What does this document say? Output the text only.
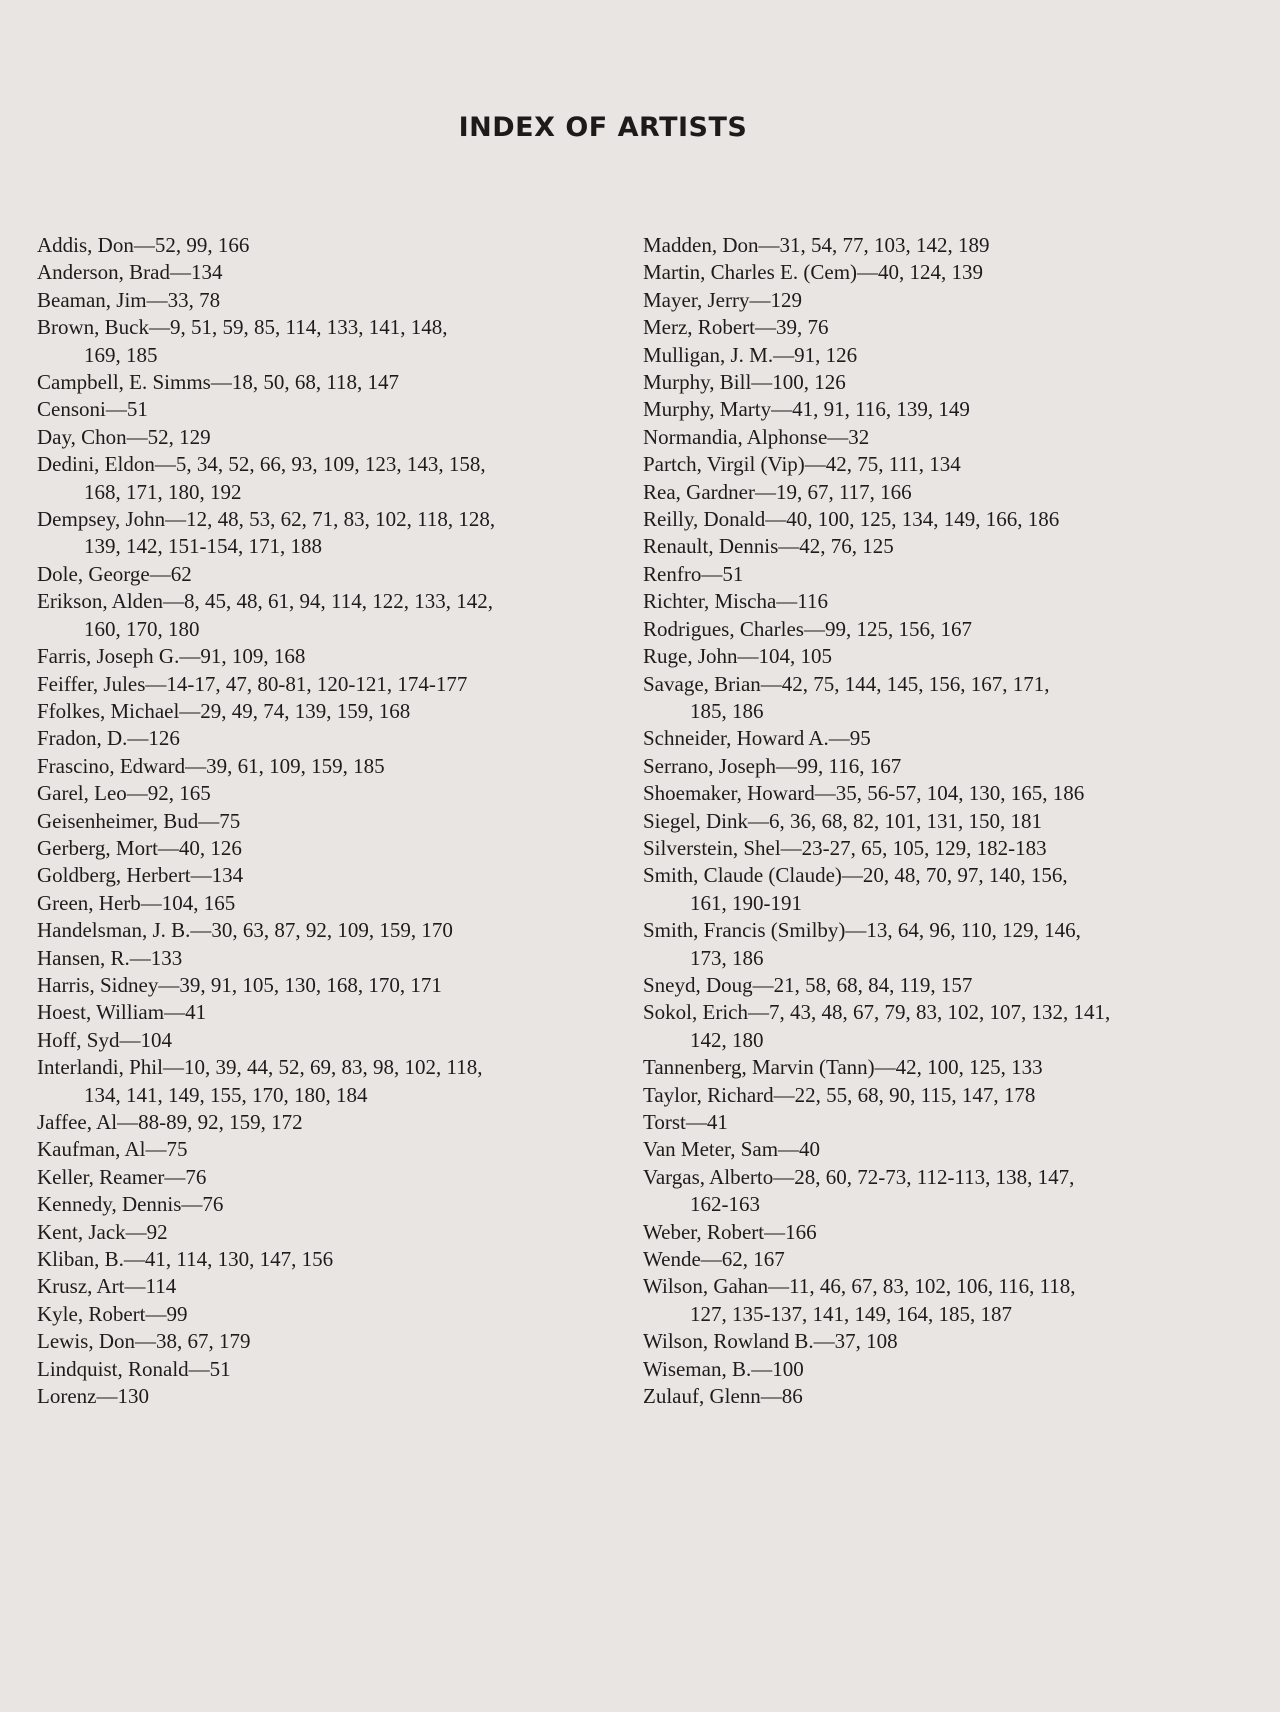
INDEX OF ARTISTS
Addis, Don—52, 99, 166
Anderson, Brad—134
Beaman, Jim—33, 78
Brown, Buck—9, 51, 59, 85, 114, 133, 141, 148,
169, 185
Campbell, E. Simms—18, 50, 68, 118, 147
Censoni—51
Day, Chon—52, 129
Dedini, Eldon—5, 34, 52, 66, 93, 109, 123, 143, 158,
168, 171, 180, 192
Dempsey, John—12, 48, 53, 62, 71, 83, 102, 118, 128,
139, 142, 151-154, 171, 188
Dole, George—62
Erikson, Alden—8, 45, 48, 61, 94, 114, 122, 133, 142,
160, 170, 180
Farris, Joseph G.—91, 109, 168
Feiffer, Jules—14-17, 47, 80-81, 120-121, 174-177
Ffolkes, Michael—29, 49, 74, 139, 159, 168
Fradon, D.—126
Frascino, Edward—39, 61, 109, 159, 185
Garel, Leo—92, 165
Geisenheimer, Bud—75
Gerberg, Mort—40, 126
Goldberg, Herbert—134
Green, Herb—104, 165
Handelsman, J. B.—30, 63, 87, 92, 109, 159, 170
Hansen, R.—133
Harris, Sidney—39, 91, 105, 130, 168, 170, 171
Hoest, William—41
Hoff, Syd—104
Interlandi, Phil—10, 39, 44, 52, 69, 83, 98, 102, 118,
134, 141, 149, 155, 170, 180, 184
Jaffee, Al—88-89, 92, 159, 172
Kaufman, Al—75
Keller, Reamer—76
Kennedy, Dennis—76
Kent, Jack—92
Kliban, B.—41, 114, 130, 147, 156
Krusz, Art—114
Kyle, Robert—99
Lewis, Don—38, 67, 179
Lindquist, Ronald—51
Lorenz—130
Madden, Don—31, 54, 77, 103, 142, 189
Martin, Charles E. (Cem)—40, 124, 139
Mayer, Jerry—129
Merz, Robert—39, 76
Mulligan, J. M.—91, 126
Murphy, Bill—100, 126
Murphy, Marty—41, 91, 116, 139, 149
Normandia, Alphonse—32
Partch, Virgil (Vip)—42, 75, 111, 134
Rea, Gardner—19, 67, 117, 166
Reilly, Donald—40, 100, 125, 134, 149, 166, 186
Renault, Dennis—42, 76, 125
Renfro—51
Richter, Mischa—116
Rodrigues, Charles—99, 125, 156, 167
Ruge, John—104, 105
Savage, Brian—42, 75, 144, 145, 156, 167, 171,
185, 186
Schneider, Howard A.—95
Serrano, Joseph—99, 116, 167
Shoemaker, Howard—35, 56-57, 104, 130, 165, 186
Siegel, Dink—6, 36, 68, 82, 101, 131, 150, 181
Silverstein, Shel—23-27, 65, 105, 129, 182-183
Smith, Claude (Claude)—20, 48, 70, 97, 140, 156,
161, 190-191
Smith, Francis (Smilby)—13, 64, 96, 110, 129, 146,
173, 186
Sneyd, Doug—21, 58, 68, 84, 119, 157
Sokol, Erich—7, 43, 48, 67, 79, 83, 102, 107, 132, 141,
142, 180
Tannenberg, Marvin (Tann)—42, 100, 125, 133
Taylor, Richard—22, 55, 68, 90, 115, 147, 178
Torst—41
Van Meter, Sam—40
Vargas, Alberto—28, 60, 72-73, 112-113, 138, 147,
162-163
Weber, Robert—166
Wende—62, 167
Wilson, Gahan—11, 46, 67, 83, 102, 106, 116, 118,
127, 135-137, 141, 149, 164, 185, 187
Wilson, Rowland B.—37, 108
Wiseman, B.—100
Zulauf, Glenn—86
